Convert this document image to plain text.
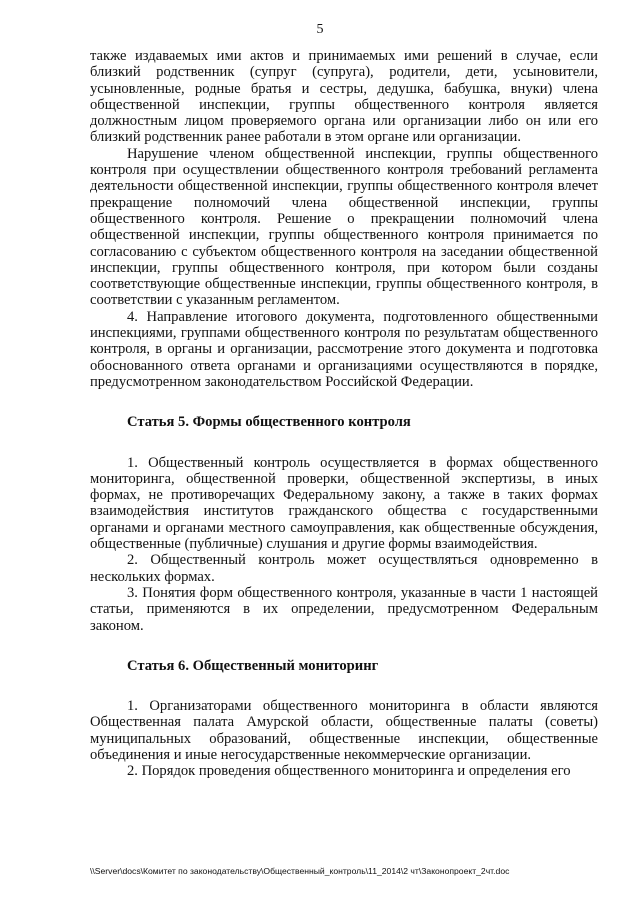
5

также издаваемых ими актов и принимаемых ими решений в случае, если близкий родственник (супруг (супруга), родители, дети, усыновители, усыновленные, родные братья и сестры, дедушка, бабушка, внуки) члена общественной инспекции, группы общественного контроля является должностным лицом проверяемого органа или организации либо он или его близкий родственник ранее работали в этом органе или организации.

Нарушение членом общественной инспекции, группы общественного контроля при осуществлении общественного контроля требований регламента деятельности общественной инспекции, группы общественного контроля влечет прекращение полномочий члена общественной инспекции, группы общественного контроля. Решение о прекращении полномочий члена общественной инспекции, группы общественного контроля принимается по согласованию с субъектом общественного контроля на заседании общественной инспекции, группы общественного контроля, при котором были созданы соответствующие общественные инспекции, группы общественного контроля, в соответствии с указанным регламентом.

4. Направление итогового документа, подготовленного общественными инспекциями, группами общественного контроля по результатам общественного контроля, в органы и организации, рассмотрение этого документа и подготовка обоснованного ответа органами и организациями осуществляются в порядке, предусмотренном законодательством Российской Федерации.

Статья 5. Формы общественного контроля

1. Общественный контроль осуществляется в формах общественного мониторинга, общественной проверки, общественной экспертизы, в иных формах, не противоречащих Федеральному закону, а также в таких формах взаимодействия институтов гражданского общества с государственными органами и органами местного самоуправления, как общественные обсуждения, общественные (публичные) слушания и другие формы взаимодействия.

2. Общественный контроль может осуществляться одновременно в нескольких формах.

3. Понятия форм общественного контроля, указанные в части 1 настоящей статьи, применяются в их определении, предусмотренном Федеральным законом.

Статья 6. Общественный мониторинг

1. Организаторами общественного мониторинга в области являются Общественная палата Амурской области, общественные палаты (советы) муниципальных образований, общественные инспекции, общественные объединения и иные негосударственные некоммерческие организации.

2. Порядок проведения общественного мониторинга и определения его

\\Server\docs\Комитет по законодательству\Общественный_контроль\11_2014\2 чт\Законопроект_2чт.doc
